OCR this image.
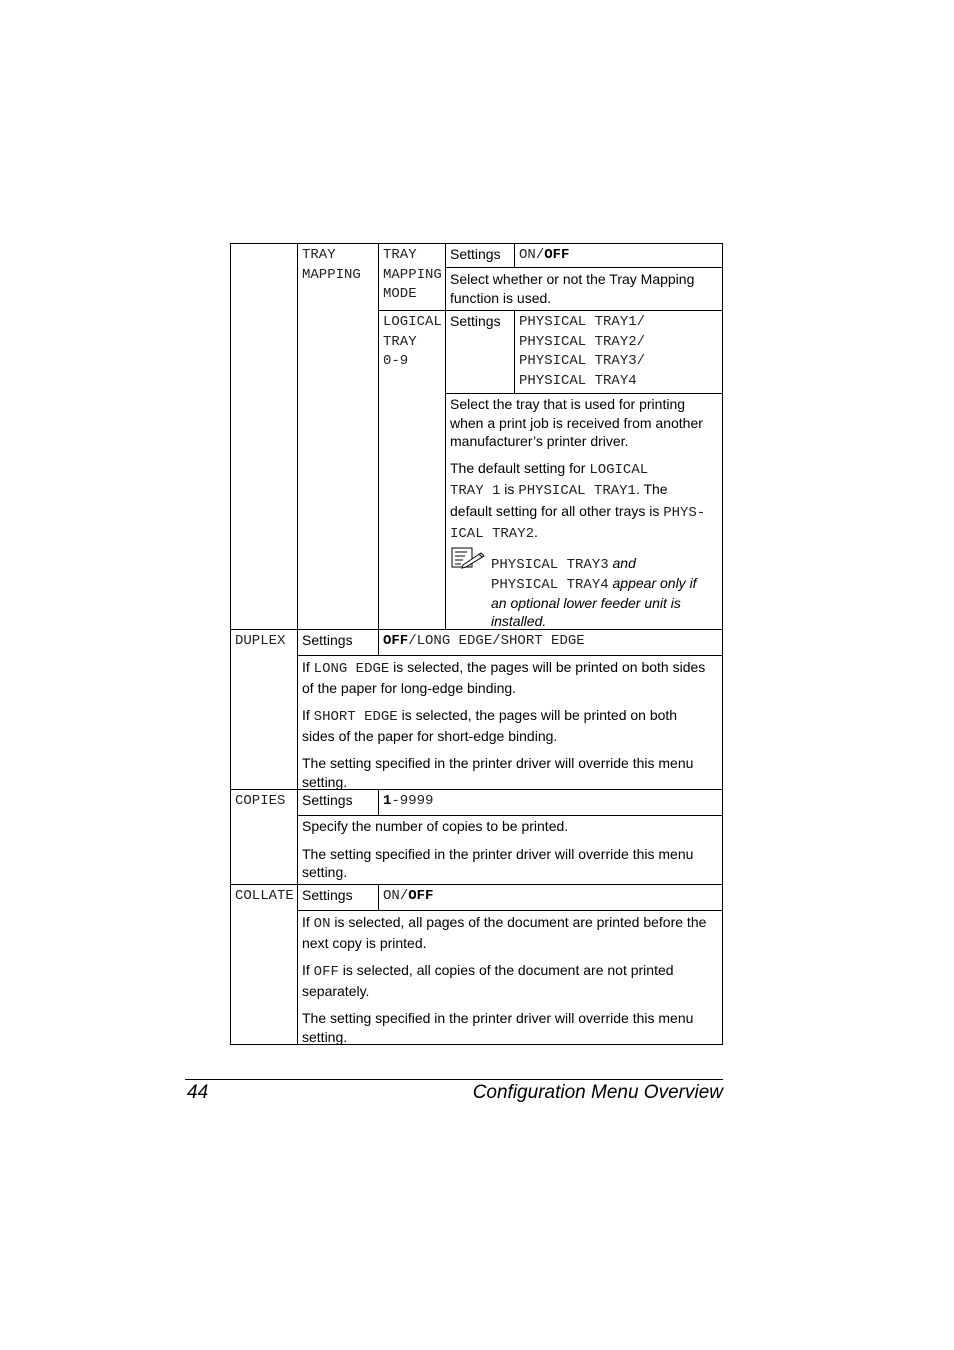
TRAY
MAPPING
TRAY
MAPPING
MODE
Settings ON/OFF
Select whether or not the Tray Mapping
function is used.
LOGICAL
TRAY
0-9
Settings PHYSICAL TRAY1/
PHYSICAL TRAY2/
PHYSICAL TRAY3/
PHYSICAL TRAY4
Select the tray that is used for printing
when a print job is received from another
manufacturer’s printer driver.
The default setting for LOGICAL
TRAY 1 is PHYSICAL TRAY1. The
default setting for all other trays is PHYS-
ICAL TRAY2.
PHYSICAL TRAY3 and
PHYSICAL TRAY4 appear only if
an optional lower feeder unit is
installed.
DUPLEX Settings OFF/LONG EDGE/SHORT EDGE
If LONG EDGE is selected, the pages will be printed on both sides
of the paper for long-edge binding.
If SHORT EDGE is selected, the pages will be printed on both
sides of the paper for short-edge binding.
The setting specified in the printer driver will override this menu
setting.
COPIES Settings 1-9999
Specify the number of copies to be printed.
The setting specified in the printer driver will override this menu
setting.
COLLATE Settings ON/OFF
If ON is selected, all pages of the document are printed before the
next copy is printed.
If OFF is selected, all copies of the document are not printed
separately.
The setting specified in the printer driver will override this menu
setting.
44	Configuration Menu Overview
